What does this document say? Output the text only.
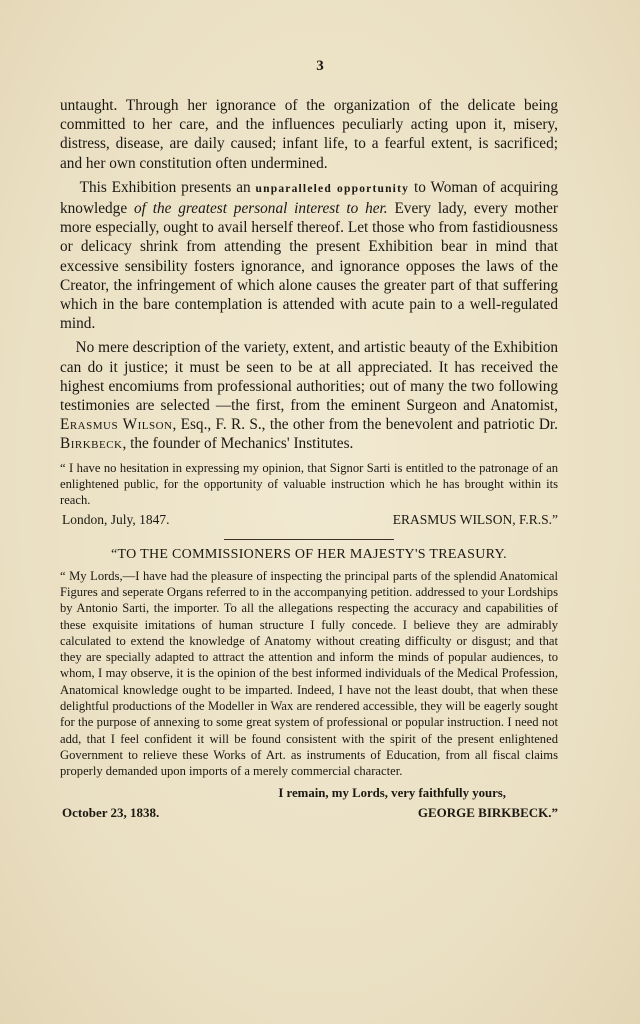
3

untaught. Through her ignorance of the organization of the delicate being committed to her care, and the influences peculiarly acting upon it, misery, distress, disease, are daily caused; infant life, to a fearful extent, is sacrificed; and her own constitution often undermined.

This Exhibition presents an unparalleled opportunity to Woman of acquiring knowledge of the greatest personal interest to her. Every lady, every mother more especially, ought to avail herself thereof. Let those who from fastidiousness or delicacy shrink from attending the present Exhibition bear in mind that excessive sensibility fosters ignorance, and ignorance opposes the laws of the Creator, the infringement of which alone causes the greater part of that suffering which in the bare contemplation is attended with acute pain to a well-regulated mind.

No mere description of the variety, extent, and artistic beauty of the Exhibition can do it justice; it must be seen to be at all appreciated. It has received the highest encomiums from professional authorities; out of many the two following testimonies are selected —the first, from the eminent Surgeon and Anatomist, Erasmus Wilson, Esq., F. R. S., the other from the benevolent and patriotic Dr. Birkbeck, the founder of Mechanics' Institutes.

“ I have no hesitation in expressing my opinion, that Signor Sarti is entitled to the patronage of an enlightened public, for the opportunity of valuable instruction which he has brought within its reach.
London, July, 1847.	ERASMUS WILSON, F.R.S.”
“TO THE COMMISSIONERS OF HER MAJESTY'S TREASURY.
“ My Lords,—I have had the pleasure of inspecting the principal parts of the splendid Anatomical Figures and seperate Organs referred to in the accompanying petition. addressed to your Lordships by Antonio Sarti, the importer. To all the allegations respecting the accuracy and capabilities of these exquisite imitations of human structure I fully concede. I believe they are admirably calculated to extend the knowledge of Anatomy without creating difficulty or disgust; and that they are specially adapted to attract the attention and inform the minds of popular audiences, to whom, I may observe, it is the opinion of the best informed individuals of the Medical Profession, Anatomical knowledge ought to be imparted. Indeed, I have not the least doubt, that when these delightful productions of the Modeller in Wax are rendered accessible, they will be eagerly sought for the purpose of annexing to some great system of professional or popular instruction. I need not add, that I feel confident it will be found consistent with the spirit of the present enlightened Government to relieve these Works of Art. as instruments of Education, from all fiscal claims properly demanded upon imports of a merely commercial character.
I remain, my Lords, very faithfully yours,
October 23, 1838.	GEORGE BIRKBECK.”
